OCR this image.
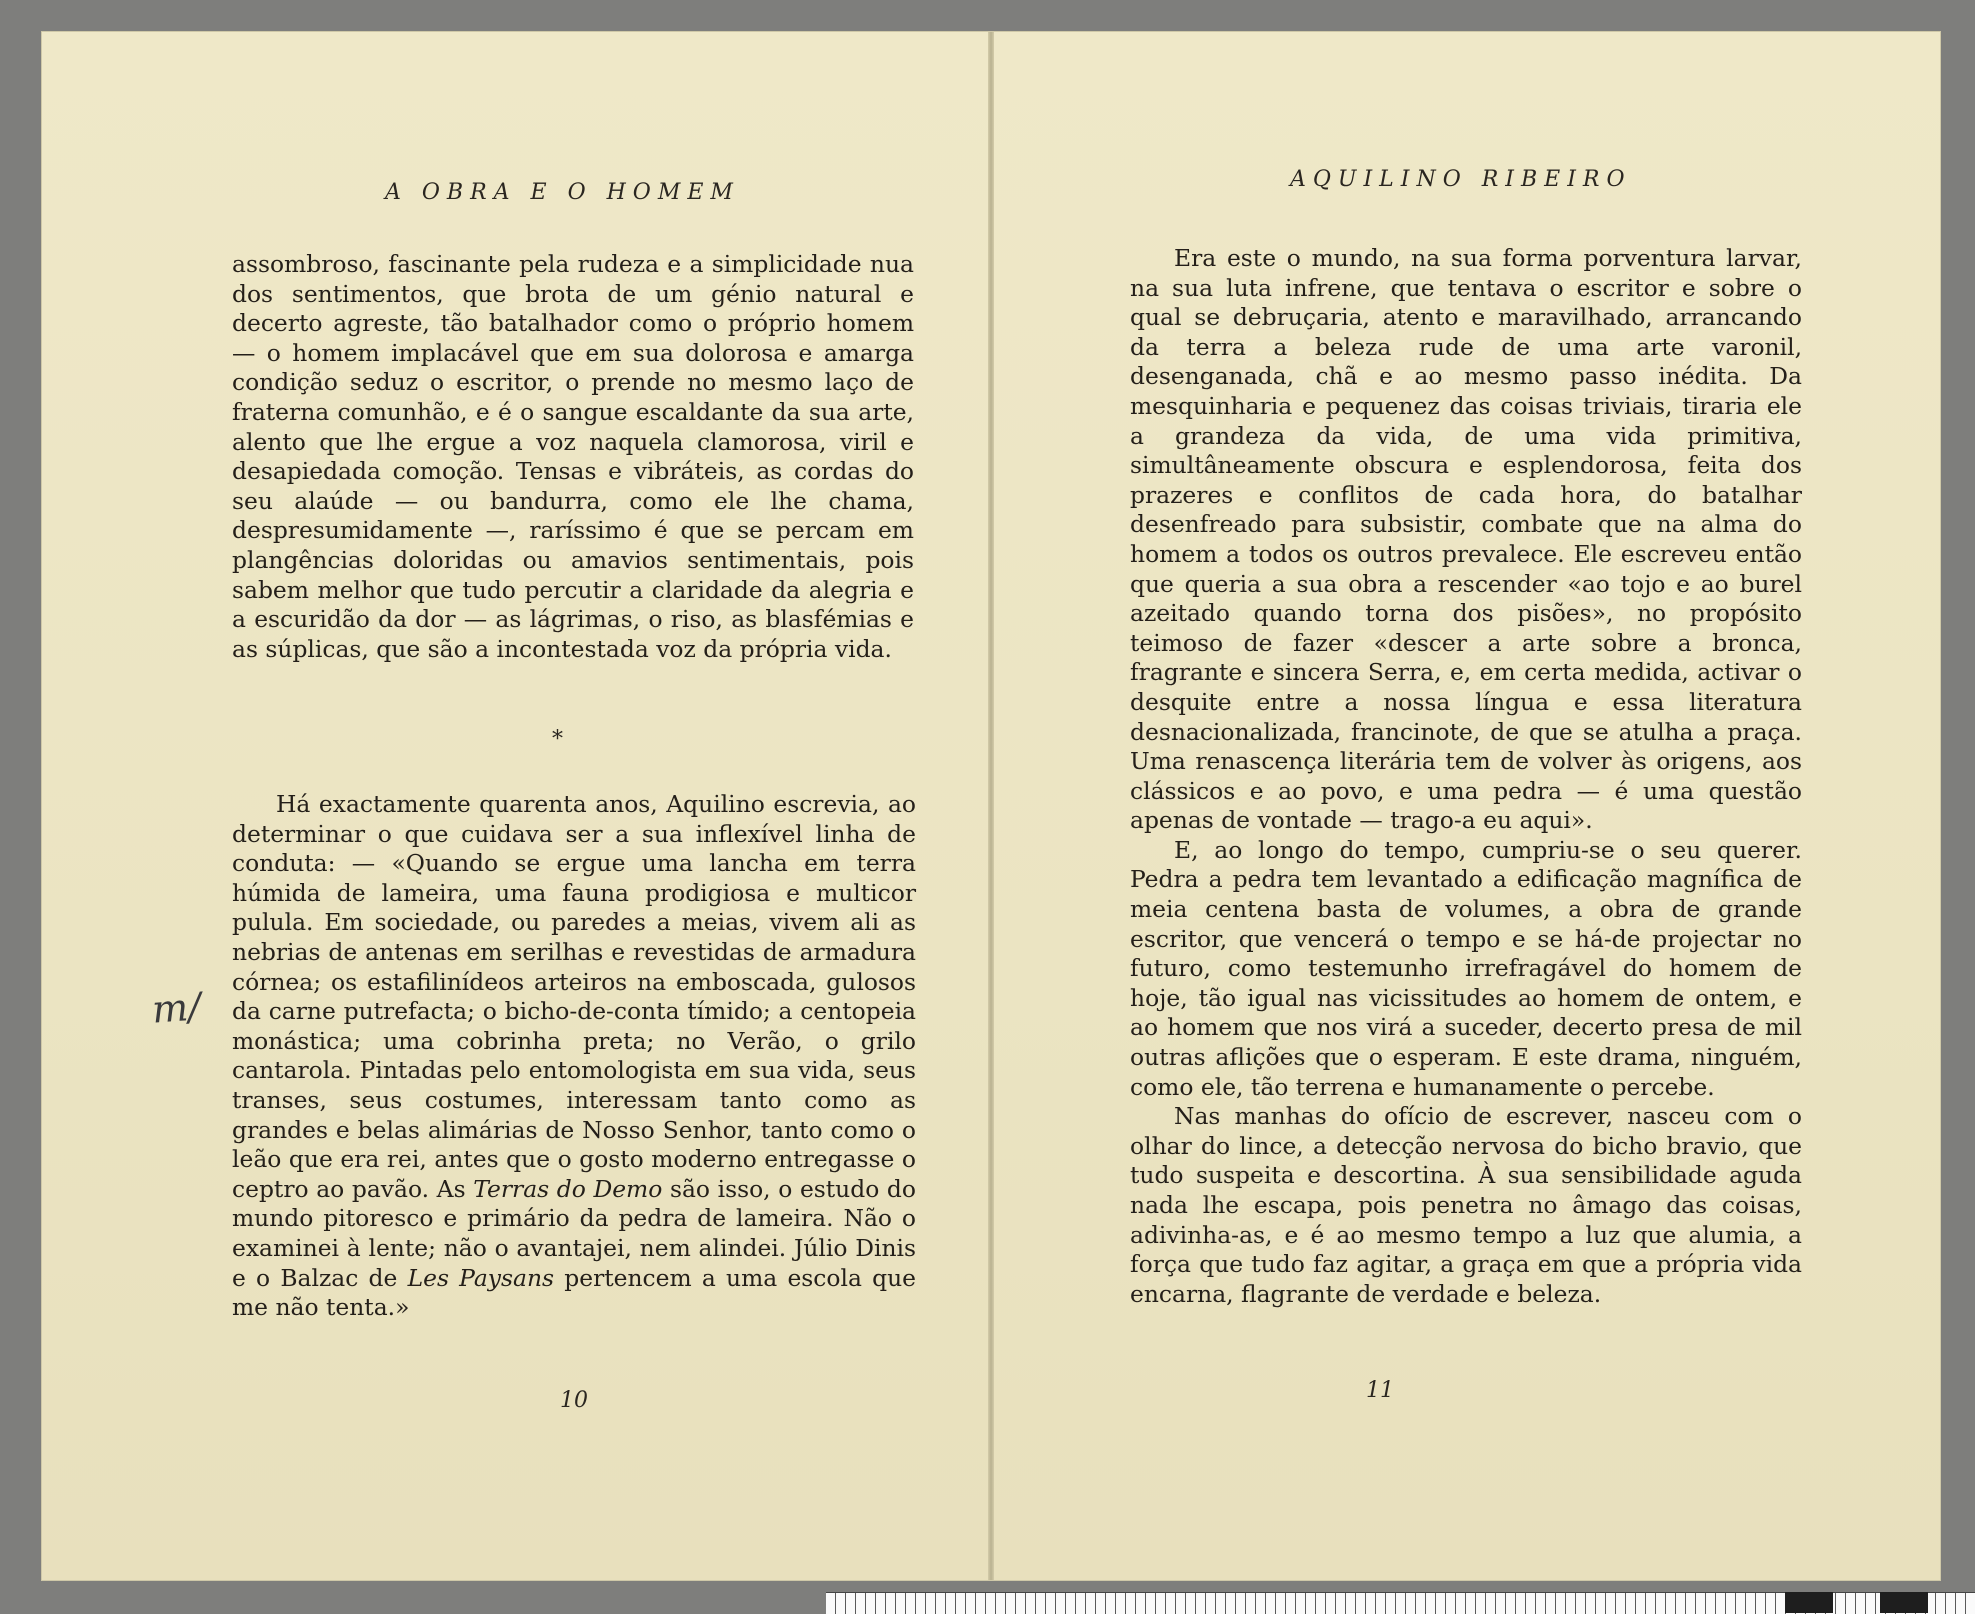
A OBRA E O HOMEM

assombroso, fascinante pela rudeza e a simplicidade nua dos sentimentos, que brota de um génio natural e decerto agreste, tão batalhador como o próprio homem — o homem implacável que em sua dolorosa e amarga condição seduz o escritor, o prende no mesmo laço de fraterna comunhão, e é o sangue escaldante da sua arte, alento que lhe ergue a voz naquela clamorosa, viril e desapiedada comoção. Tensas e vibráteis, as cordas do seu alaúde — ou bandurra, como ele lhe chama, despresumidamente —, raríssimo é que se percam em plangências doloridas ou amavios sentimentais, pois sabem melhor que tudo percutir a claridade da alegria e a escuridão da dor — as lágrimas, o riso, as blasfémias e as súplicas, que são a incontestada voz da própria vida.

*

Há exactamente quarenta anos, Aquilino escrevia, ao determinar o que cuidava ser a sua inflexível linha de conduta: — «Quando se ergue uma lancha em terra húmida de lameira, uma fauna prodigiosa e multicor pulula. Em sociedade, ou paredes a meias, vivem ali as nebrias de antenas em serilhas e revestidas de armadura córnea; os estafilinídeos arteiros na emboscada, gulosos da carne putrefacta; o bicho-de-conta tímido; a centopeia monástica; uma cobrinha preta; no Verão, o grilo cantarola. Pintadas pelo entomologista em sua vida, seus transes, seus costumes, interessam tanto como as grandes e belas alimárias de Nosso Senhor, tanto como o leão que era rei, antes que o gosto moderno entregasse o ceptro ao pavão. As Terras do Demo são isso, o estudo do mundo pitoresco e primário da pedra de lameira. Não o examinei à lente; não o avantajei, nem alindei. Júlio Dinis e o Balzac de Les Paysans pertencem a uma escola que me não tenta.»

10
m/
AQUILINO RIBEIRO
Era este o mundo, na sua forma porventura larvar, na sua luta infrene, que tentava o escritor e sobre o qual se debruçaria, atento e maravilhado, arrancando da terra a beleza rude de uma arte varonil, desenganada, chã e ao mesmo passo inédita. Da mesquinharia e pequenez das coisas triviais, tiraria ele a grandeza da vida, de uma vida primitiva, simultâneamente obscura e esplendorosa, feita dos prazeres e conflitos de cada hora, do batalhar desenfreado para subsistir, combate que na alma do homem a todos os outros prevalece. Ele escreveu então que queria a sua obra a rescender «ao tojo e ao burel azeitado quando torna dos pisões», no propósito teimoso de fazer «descer a arte sobre a bronca, fragrante e sincera Serra, e, em certa medida, activar o desquite entre a nossa língua e essa literatura desnacionalizada, francinote, de que se atulha a praça. Uma renascença literária tem de volver às origens, aos clássicos e ao povo, e uma pedra — é uma questão apenas de vontade — trago-a eu aqui».
E, ao longo do tempo, cumpriu-se o seu querer. Pedra a pedra tem levantado a edificação magnífica de meia centena basta de volumes, a obra de grande escritor, que vencerá o tempo e se há-de projectar no futuro, como testemunho irrefragável do homem de hoje, tão igual nas vicissitudes ao homem de ontem, e ao homem que nos virá a suceder, decerto presa de mil outras aflições que o esperam. E este drama, ninguém, como ele, tão terrena e humanamente o percebe.
Nas manhas do ofício de escrever, nasceu com o olhar do lince, a detecção nervosa do bicho bravio, que tudo suspeita e descortina. À sua sensibilidade aguda nada lhe escapa, pois penetra no âmago das coisas, adivinha-as, e é ao mesmo tempo a luz que alumia, a força que tudo faz agitar, a graça em que a própria vida encarna, flagrante de verdade e beleza.
11
